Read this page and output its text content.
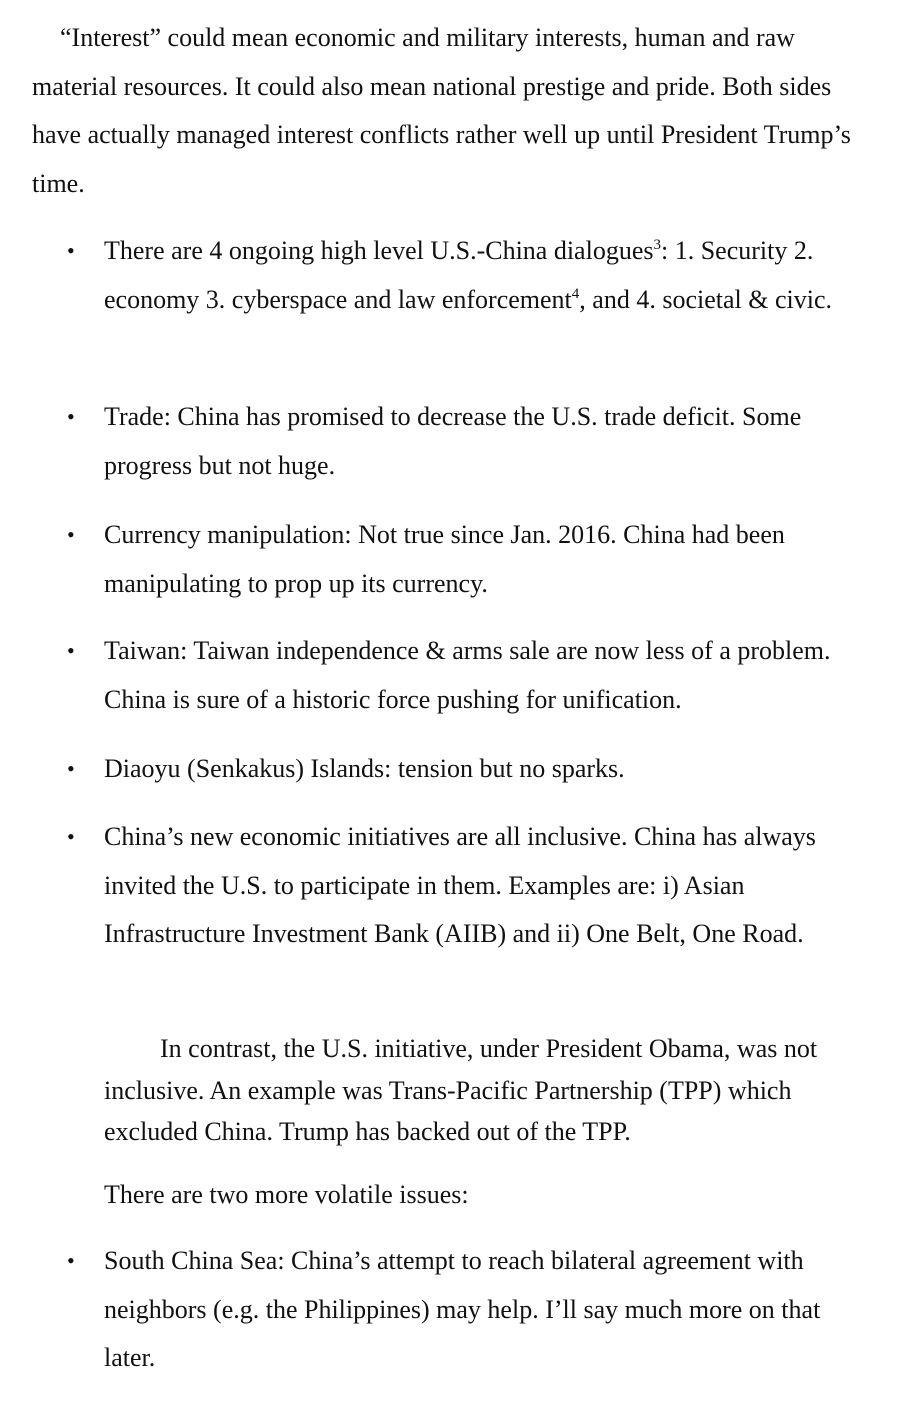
“Interest” could mean economic and military interests, human and raw material resources. It could also mean national prestige and pride. Both sides have actually managed interest conflicts rather well up until President Trump’s time.

•

There are 4 ongoing high level U.S.-China dialogues$^3$: 1. Security 2. economy 3. cyberspace and law enforcement$^4$, and 4. societal & civic.

•

Trade: China has promised to decrease the U.S. trade deficit. Some progress but not huge.

•

Currency manipulation: Not true since Jan. 2016. China had been manipulating to prop up its currency.

•

Taiwan: Taiwan independence & arms sale are now less of a problem. China is sure of a historic force pushing for unification.

•

Diaoyu (Senkakus) Islands: tension but no sparks.

•

China’s new economic initiatives are all inclusive. China has always invited the U.S. to participate in them. Examples are: i) Asian Infrastructure Investment Bank (AIIB) and ii) One Belt, One Road.

In contrast, the U.S. initiative, under President Obama, was not inclusive. An example was Trans-Pacific Partnership (TPP) which excluded China. Trump has backed out of the TPP.

There are two more volatile issues:

•

South China Sea: China’s attempt to reach bilateral agreement with neighbors (e.g. the Philippines) may help. I’ll say much more on that later.
